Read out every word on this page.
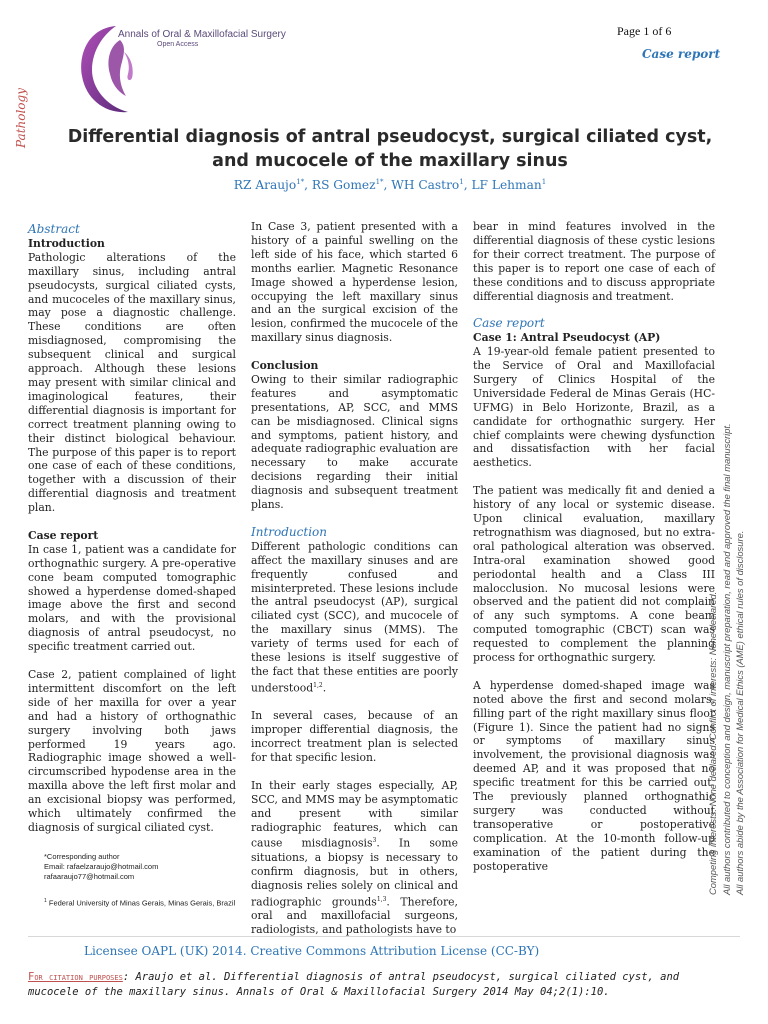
Annals of Oral & Maxillofacial Surgery
Open Access
Page 1 of 6
Case report
Pathology	Differential diagnosis of antral pseudocyst, surgical ciliated cyst,
and mucocele of the maxillary sinus
RZ Araujo$^{1*}$, RS Gomez$^{1*}$, WH Castro$^1$, LF Lehman$^1$
Abstract
Introduction

Pathologic alterations of the maxillary sinus, including antral pseudocysts, surgical ciliated cysts, and mucoceles of the maxillary sinus, may pose a diagnostic challenge. These conditions are often misdiagnosed, compromising the subsequent clinical and surgical approach. Although these lesions may present with similar clinical and imaginological features, their differential diagnosis is important for correct treatment planning owing to their distinct biological behaviour. The purpose of this paper is to report one case of each of these conditions, together with a discussion of their differential diagnosis and treatment plan.

Case report

In case 1, patient was a candidate for orthognathic surgery. A pre-operative cone beam computed tomographic showed a hyperdense domed-shaped image above the first and second molars, and with the provisional diagnosis of antral pseudocyst, no specific treatment carried out.

Case 2, patient complained of light intermittent discomfort on the left side of her maxilla for over a year and had a history of orthognathic surgery involving both jaws performed 19 years ago. Radiographic image showed a well-circumscribed hypodense area in the maxilla above the left first molar and an excisional biopsy was performed, which ultimately confirmed the diagnosis of surgical ciliated cyst.

In Case 3, patient presented with a history of a painful swelling on the left side of his face, which started 6 months earlier. Magnetic Resonance Image showed a hyperdense lesion, occupying the left maxillary sinus and an the surgical excision of the lesion, confirmed the mucocele of the maxillary sinus diagnosis.

Conclusion

Owing to their similar radiographic features and asymptomatic presentations, AP, SCC, and MMS can be misdiagnosed. Clinical signs and symptoms, patient history, and adequate radiographic evaluation are necessary to make accurate decisions regarding their initial diagnosis and subsequent treatment plans.

Introduction

Different pathologic conditions can affect the maxillary sinuses and are frequently confused and misinterpreted. These lesions include the antral pseudocyst (AP), surgical ciliated cyst (SCC), and mucocele of the maxillary sinus (MMS). The variety of terms used for each of these lesions is itself suggestive of the fact that these entities are poorly understood$^{1,2}$.

In several cases, because of an improper differential diagnosis, the incorrect treatment plan is selected for that specific lesion.

In their early stages especially, AP, SCC, and MMS may be asymptomatic and present with similar radiographic features, which can cause misdiagnosis$^3$. In some situations, a biopsy is necessary to confirm diagnosis, but in others, diagnosis relies solely on clinical and radiographic grounds$^{1,3}$. Therefore, oral and maxillofacial surgeons, radiologists, and pathologists have to

bear in mind features involved in the differential diagnosis of these cystic lesions for their correct treatment. The purpose of this paper is to report one case of each of these conditions and to discuss appropriate differential diagnosis and treatment.

Case report
Case 1: Antral Pseudocyst (AP)

A 19-year-old female patient presented to the Service of Oral and Maxillofacial Surgery of Clinics Hospital of the Universidade Federal de Minas Gerais (HC-UFMG) in Belo Horizonte, Brazil, as a candidate for orthognathic surgery. Her chief complaints were chewing dysfunction and dissatisfaction with her facial aesthetics.

The patient was medically fit and denied a history of any local or systemic disease. Upon clinical evaluation, maxillary retrognathism was diagnosed, but no extra-oral pathological alteration was observed. Intra-oral examination showed good periodontal health and a Class III malocclusion. No mucosal lesions were observed and the patient did not complain of any such symptoms. A cone beam computed tomographic (CBCT) scan was requested to complement the planning process for orthognathic surgery.

A hyperdense domed-shaped image was noted above the first and second molars, filling part of the right maxillary sinus floor (Figure 1). Since the patient had no signs or symptoms of maxillary sinus involvement, the provisional diagnosis was deemed AP, and it was proposed that no specific treatment for this be carried out. The previously planned orthognathic surgery was conducted without transoperative or postoperative complication. At the 10-month follow-up examination of the patient during the postoperative

*Corresponding author
Email: rafaelzaraujo@hotmail.com
rafaaraujo77@hotmail.com
$^1$ Federal University of Minas Gerais, Minas Gerais, Brazil
Competing interests: None declared. Conflict of interests: None declared. All authors contributed to conception and design, manuscript preparation, read and approved the final manuscript. All authors abide by the Association for Medical Ethics (AME) ethical rules of disclosure.
Licensee OAPL (UK) 2014. Creative Commons Attribution License (CC-BY)
For citation purposes: Araujo et al. Differential diagnosis of antral pseudocyst, surgical ciliated cyst, and mucocele of the maxillary sinus. Annals of Oral & Maxillofacial Surgery 2014 May 04;2(1):10.
